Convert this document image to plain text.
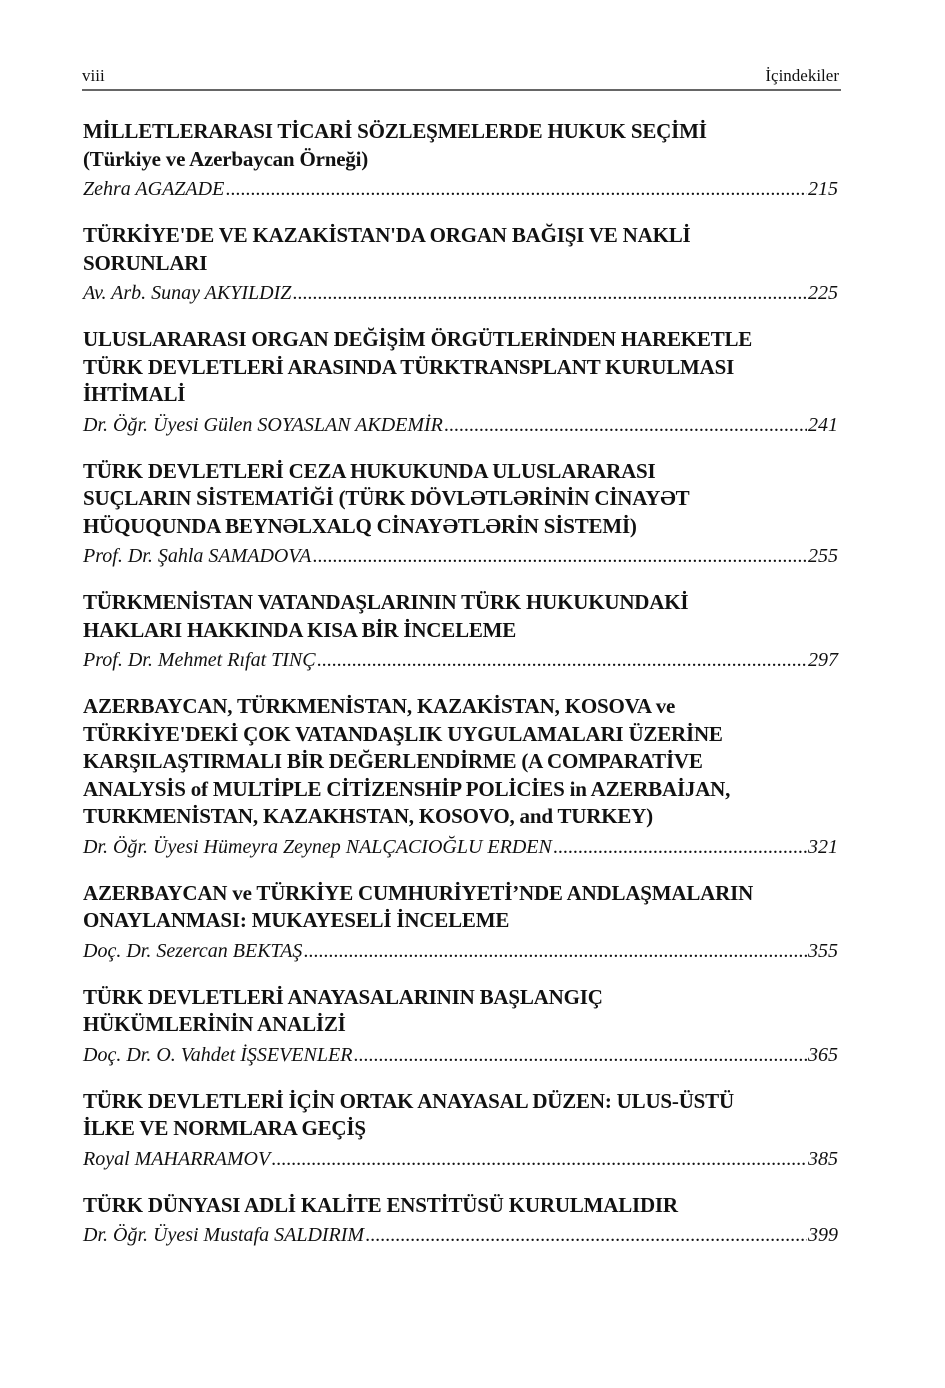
viii	İçindekiler
MİLLETLERARASI TİCARİ SÖZLEŞMELERDE HUKUK SEÇİMİ
(Türkiye ve Azerbaycan Örneği)
Zehra AGAZADE .....	215
TÜRKİYE'DE VE KAZAKİSTAN'DA ORGAN BAĞIŞI VE NAKLİ
SORUNLARI
Av. Arb. Sunay AKYILDIZ .....	225
ULUSLARARASI ORGAN DEĞİŞİM ÖRGÜTLERİNDEN HAREKETLE
TÜRK DEVLETLERİ ARASINDA TÜRKTRANSPLANT KURULMASI
İHTİMALİ
Dr. Öğr. Üyesi Gülen SOYASLAN AKDEMİR .....	241
TÜRK DEVLETLERİ CEZA HUKUKUNDA ULUSLARARASI
SUÇLARIN SİSTEMATİĞİ (TÜRK DÖVLƏTLƏRİNİN CİNAYƏT
HÜQUQUNDA BEYNƏLXALQ CİNAYƏTLƏRİN SİSTEMİ)
Prof. Dr. Şahla SAMADOVA .....	255
TÜRKMENİSTAN VATANDAŞLARININ TÜRK HUKUKUNDAKİ
HAKLARI HAKKINDA KISA BİR İNCELEME
Prof. Dr. Mehmet Rıfat TINÇ .....	297
AZERBAYCAN, TÜRKMENİSTAN, KAZAKİSTAN, KOSOVA ve
TÜRKİYE'DEKİ ÇOK VATANDAŞLIK UYGULAMALARI ÜZERİNE
KARŞILAŞTIRMALI BİR DEĞERLENDİRME (A COMPARATİVE
ANALYSİS of MULTİPLE CİTİZENSHİP POLİCİES in AZERBAİJAN,
TURKMENİSTAN, KAZAKHSTAN, KOSOVO, and TURKEY)
Dr. Öğr. Üyesi Hümeyra Zeynep NALÇACIOĞLU ERDEN .....	321
AZERBAYCAN ve TÜRKİYE CUMHURİYETİ’NDE ANDLAŞMALARIN
ONAYLANMASI: MUKAYESELİ İNCELEME
Doç. Dr. Sezercan BEKTAŞ .....	355
TÜRK DEVLETLERİ ANAYASALARININ BAŞLANGIÇ
HÜKÜMLERİNİN ANALİZİ
Doç. Dr. O. Vahdet İŞSEVENLER .....	365
TÜRK DEVLETLERİ İÇİN ORTAK ANAYASAL DÜZEN: ULUS-ÜSTÜ
İLKE VE NORMLARA GEÇİŞ
Royal MAHARRAMOV .....	385
TÜRK DÜNYASI ADLİ KALİTE ENSTİTÜSÜ KURULMALIDIR
Dr. Öğr. Üyesi Mustafa SALDIRIM .....	399
